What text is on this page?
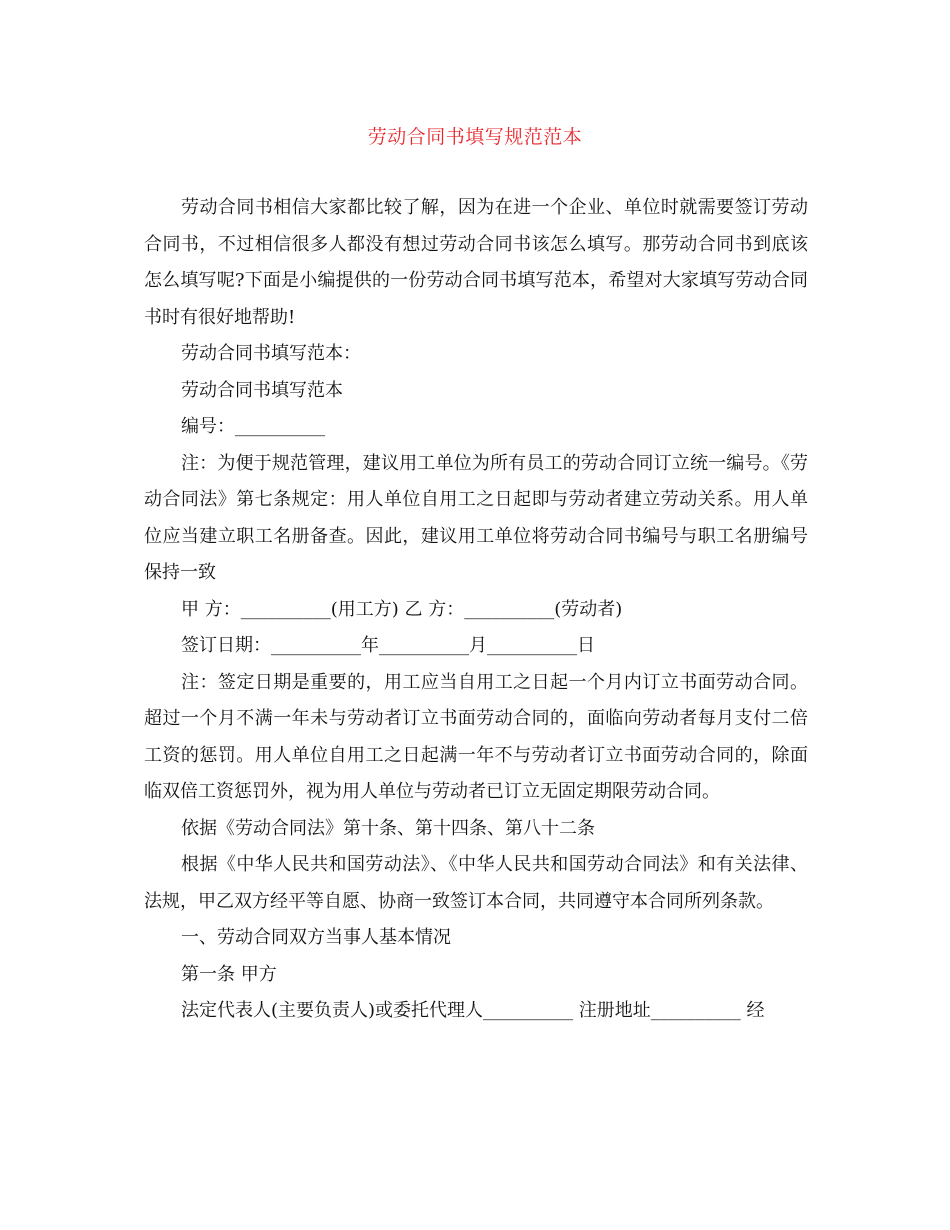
劳动合同书填写规范范本

劳动合同书相信大家都比较了解，因为在进一个企业、单位时就需要签订劳动合同书，不过相信很多人都没有想过劳动合同书该怎么填写。那劳动合同书到底该怎么填写呢?下面是小编提供的一份劳动合同书填写范本，希望对大家填写劳动合同书时有很好地帮助!

劳动合同书填写范本：

劳动合同书填写范本

编号：__________

注：为便于规范管理，建议用工单位为所有员工的劳动合同订立统一编号。《劳动合同法》第七条规定：用人单位自用工之日起即与劳动者建立劳动关系。用人单位应当建立职工名册备查。因此，建议用工单位将劳动合同书编号与职工名册编号保持一致

甲 方：__________(用工方) 乙 方：__________(劳动者)

签订日期：__________年__________月__________日

注：签定日期是重要的，用工应当自用工之日起一个月内订立书面劳动合同。超过一个月不满一年未与劳动者订立书面劳动合同的，面临向劳动者每月支付二倍工资的惩罚。用人单位自用工之日起满一年不与劳动者订立书面劳动合同的，除面临双倍工资惩罚外，视为用人单位与劳动者已订立无固定期限劳动合同。

依据《劳动合同法》第十条、第十四条、第八十二条

根据《中华人民共和国劳动法》、《中华人民共和国劳动合同法》和有关法律、法规，甲乙双方经平等自愿、协商一致签订本合同，共同遵守本合同所列条款。

一、劳动合同双方当事人基本情况

第一条 甲方

法定代表人(主要负责人)或委托代理人__________ 注册地址__________ 经
